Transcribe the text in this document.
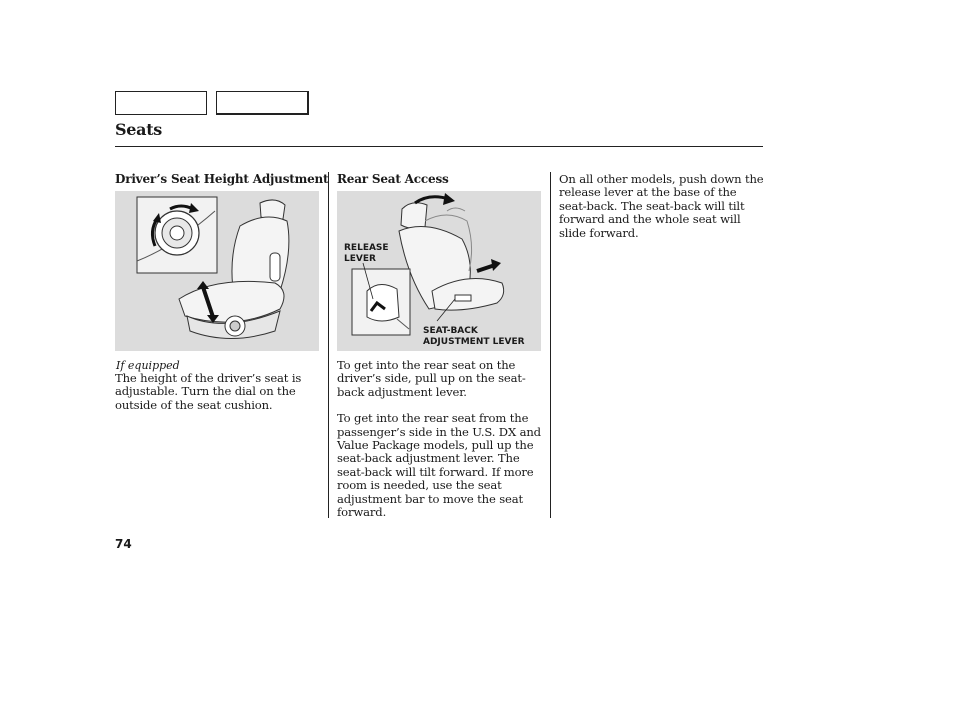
Seats
Driver’s Seat Height Adjustment
If equipped
The height of the driver’s seat is adjustable. Turn the dial on the outside of the seat cushion.
Rear Seat Access
RELEASE
LEVER
SEAT-BACK
ADJUSTMENT LEVER

To get into the rear seat on the driver’s side, pull up on the seat-back adjustment lever.

To get into the rear seat from the passenger’s side in the U.S. DX and Value Package models, pull up the seat-back adjustment lever. The seat-back will tilt forward. If more room is needed, use the seat adjustment bar to move the seat forward.

On all other models, push down the release lever at the base of the seat-back. The seat-back will tilt forward and the whole seat will slide forward.
74
